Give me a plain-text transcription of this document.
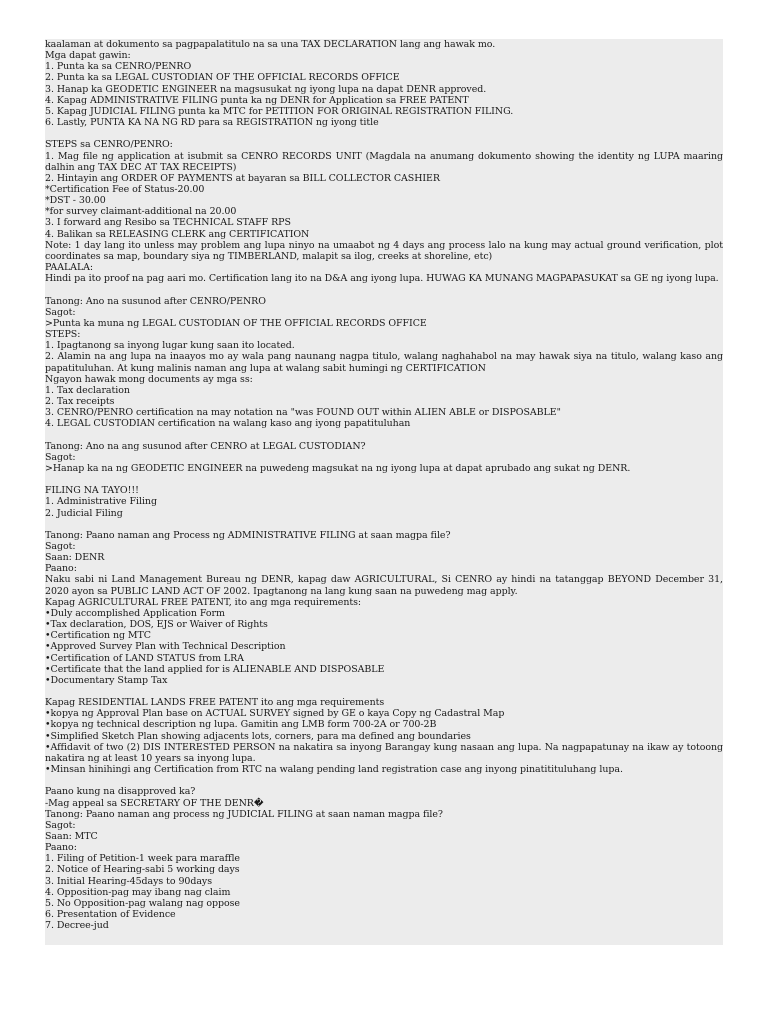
kaalaman at dokumento sa pagpapalatitulo na sa una TAX DECLARATION lang ang hawak mo.

Mga dapat gawin:

1. Punta ka sa CENRO/PENRO

2. Punta ka sa LEGAL CUSTODIAN OF THE OFFICIAL RECORDS OFFICE

3. Hanap ka GEODETIC ENGINEER na magsusukat ng iyong lupa na dapat DENR approved.

4. Kapag ADMINISTRATIVE FILING punta ka ng DENR for Application sa FREE PATENT

5. Kapag JUDICIAL FILING punta ka MTC for PETITION FOR ORIGINAL REGISTRATION FILING.

6. Lastly, PUNTA KA NA NG RD para sa REGISTRATION ng iyong title

STEPS sa CENRO/PENRO:

1. Mag file ng application at isubmit sa CENRO RECORDS UNIT (Magdala na anumang dokumento showing the identity ng LUPA maaring dalhin ang TAX DEC AT TAX RECEIPTS)

2. Hintayin ang ORDER OF PAYMENTS at bayaran sa BILL COLLECTOR CASHIER

*Certification Fee of Status-20.00

*DST - 30.00

*for survey claimant-additional na 20.00

3. I forward ang Resibo sa TECHNICAL STAFF RPS

4. Balikan sa RELEASING CLERK ang CERTIFICATION

Note: 1 day lang ito unless may problem ang lupa ninyo na umaabot ng 4 days ang process lalo na kung may actual ground verification, plot coordinates sa map, boundary siya ng TIMBERLAND, malapit sa ilog, creeks at shoreline, etc)

PAALALA:

Hindi pa ito proof na pag aari mo. Certification lang ito na D&A ang iyong lupa. HUWAG KA MUNANG MAGPAPASUKAT sa GE ng iyong lupa.

Tanong: Ano na susunod after CENRO/PENRO

Sagot:

>Punta ka muna ng LEGAL CUSTODIAN OF THE OFFICIAL RECORDS OFFICE

STEPS:

1. Ipagtanong sa inyong lugar kung saan ito located.

2. Alamin na ang lupa na inaayos mo ay wala pang naunang nagpa titulo, walang naghahabol na may hawak siya na titulo, walang kaso ang papatituluhan. At kung malinis naman ang lupa at walang sabit humingi ng CERTIFICATION

Ngayon hawak mong documents ay mga ss:

1. Tax declaration

2. Tax receipts

3. CENRO/PENRO certification na may notation na "was FOUND OUT within ALIEN ABLE or DISPOSABLE"

4. LEGAL CUSTODIAN certification na walang kaso ang iyong papatituluhan

Tanong: Ano na ang susunod after CENRO at LEGAL CUSTODIAN?

Sagot:

>Hanap ka na ng GEODETIC ENGINEER na puwedeng magsukat na ng iyong lupa at dapat aprubado ang sukat ng DENR.

FILING NA TAYO!!!

1. Administrative Filing

2. Judicial Filing

Tanong: Paano naman ang Process ng ADMINISTRATIVE FILING at saan magpa file?

Sagot:

Saan: DENR

Paano:

Naku sabi ni Land Management Bureau ng DENR, kapag daw AGRICULTURAL, Si CENRO ay hindi na tatanggap BEYOND December 31, 2020 ayon sa PUBLIC LAND ACT OF 2002. Ipagtanong na lang kung saan na puwedeng mag apply.

Kapag AGRICULTURAL FREE PATENT, ito ang mga requirements:

•Duly accomplished Application Form

•Tax declaration, DOS, EJS or Waiver of Rights

•Certification ng MTC

•Approved Survey Plan with Technical Description

•Certification of LAND STATUS from LRA

•Certificate that the land applied for is ALIENABLE AND DISPOSABLE

•Documentary Stamp Tax

Kapag RESIDENTIAL LANDS FREE PATENT ito ang mga requirements

•kopya ng Approval Plan base on ACTUAL SURVEY signed by GE o kaya Copy ng Cadastral Map

•kopya ng technical description ng lupa. Gamitin ang LMB form 700-2A or 700-2B

•Simplified Sketch Plan showing adjacents lots, corners, para ma defined ang boundaries

•Affidavit of two (2) DIS INTERESTED PERSON na nakatira sa inyong Barangay kung nasaan ang lupa. Na nagpapatunay na ikaw ay totoong nakatira ng at least 10 years sa inyong lupa.

•Minsan hinihingi ang Certification from RTC na walang pending land registration case ang inyong pinatitituluhang lupa.

Paano kung na disapproved ka?

-Mag appeal sa SECRETARY OF THE DENR�

Tanong: Paano naman ang process ng JUDICIAL FILING at saan naman magpa file?

Sagot:

Saan: MTC

Paano:

1. Filing of Petition-1 week para maraffle

2. Notice of Hearing-sabi 5 working days

3. Initial Hearing-45days to 90days

4. Opposition-pag may ibang nag claim

5. No Opposition-pag walang nag oppose

6. Presentation of Evidence

7. Decree-jud
